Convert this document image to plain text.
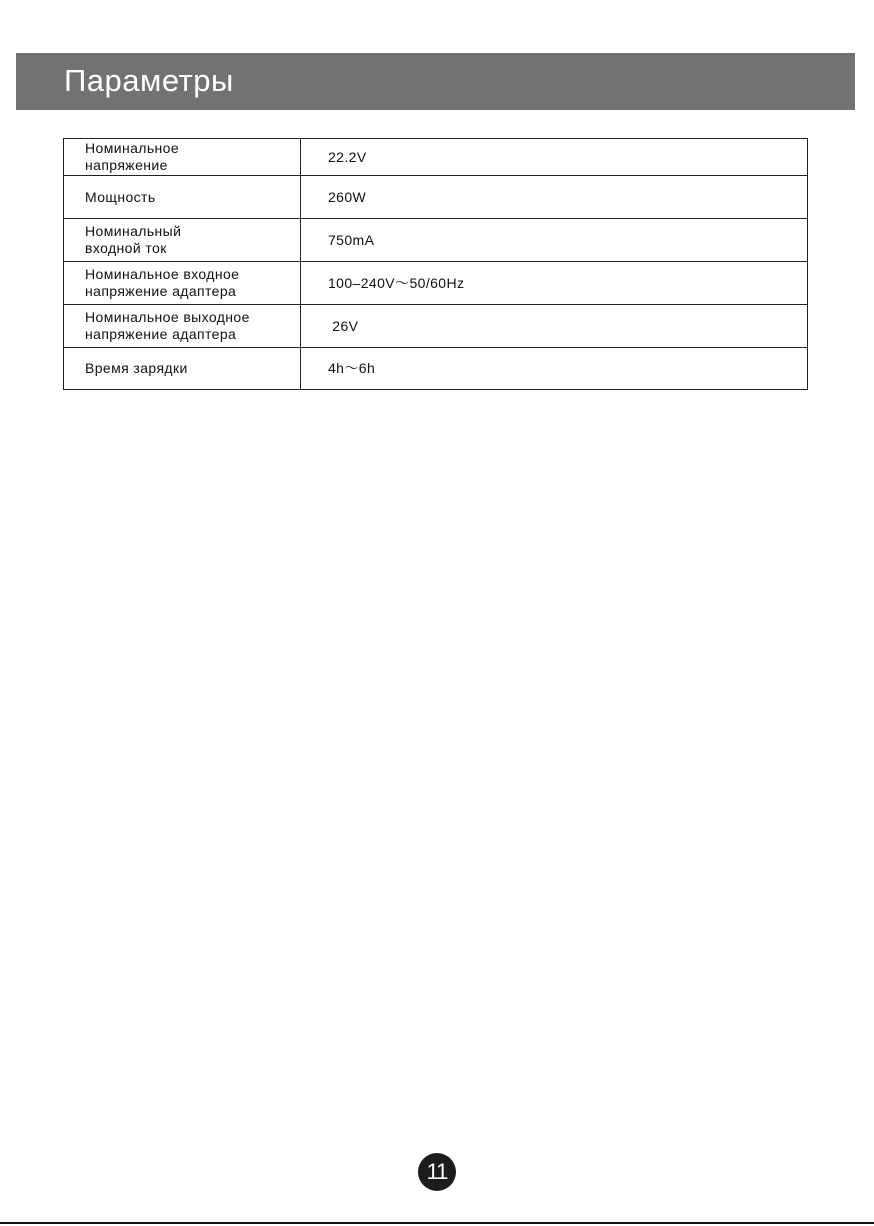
Параметры
Номинальное
напряжение	22.2V

Мощность	260W

Номинальный
входной ток	750mA

Номинальное входное
напряжение адаптера	100–240V～50/60Hz

Номинальное выходное
напряжение адаптера	26V

Время зарядки	4h～6h
11
